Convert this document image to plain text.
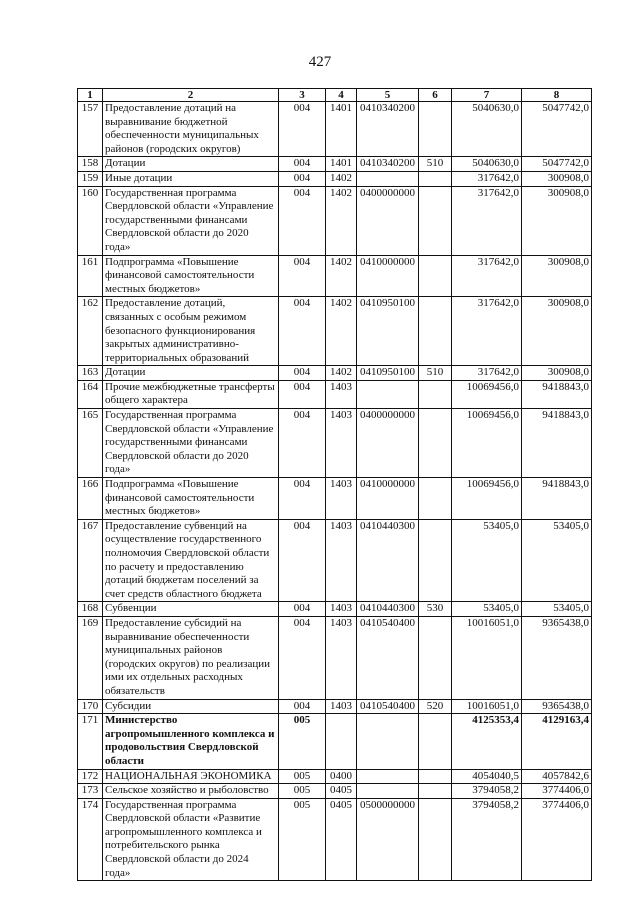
427
1	2	3	4	5	6	7	8
157	Предоставление дотаций на выравнивание бюджетной обеспеченности муниципальных районов (городских округов)	004	1401	0410340200		5040630,0	5047742,0
158	Дотации	004	1401	0410340200	510	5040630,0	5047742,0
159	Иные дотации	004	1402			317642,0	300908,0
160	Государственная программа Свердловской области «Управление государственными финансами Свердловской области до 2020 года»	004	1402	0400000000		317642,0	300908,0
161	Подпрограмма «Повышение финансовой самостоятельности местных бюджетов»	004	1402	0410000000		317642,0	300908,0
162	Предоставление дотаций, связанных с особым режимом безопасного функционирования закрытых административно-территориальных образований	004	1402	0410950100		317642,0	300908,0
163	Дотации	004	1402	0410950100	510	317642,0	300908,0
164	Прочие межбюджетные трансферты общего характера	004	1403			10069456,0	9418843,0
165	Государственная программа Свердловской области «Управление государственными финансами Свердловской области до 2020 года»	004	1403	0400000000		10069456,0	9418843,0
166	Подпрограмма «Повышение финансовой самостоятельности местных бюджетов»	004	1403	0410000000		10069456,0	9418843,0
167	Предоставление субвенций на осуществление государственного полномочия Свердловской области по расчету и предоставлению дотаций бюджетам поселений за счет средств областного бюджета	004	1403	0410440300		53405,0	53405,0
168	Субвенции	004	1403	0410440300	530	53405,0	53405,0
169	Предоставление субсидий на выравнивание обеспеченности муниципальных районов (городских округов) по реализации ими их отдельных расходных обязательств	004	1403	0410540400		10016051,0	9365438,0
170	Субсидии	004	1403	0410540400	520	10016051,0	9365438,0
171	Министерство агропромышленного комплекса и продовольствия Свердловской области	005				4125353,4	4129163,4
172	НАЦИОНАЛЬНАЯ ЭКОНОМИКА	005	0400			4054040,5	4057842,6
173	Сельское хозяйство и рыболовство	005	0405			3794058,2	3774406,0
174	Государственная программа Свердловской области «Развитие агропромышленного комплекса и потребительского рынка Свердловской области до 2024 года»	005	0405	0500000000		3794058,2	3774406,0
